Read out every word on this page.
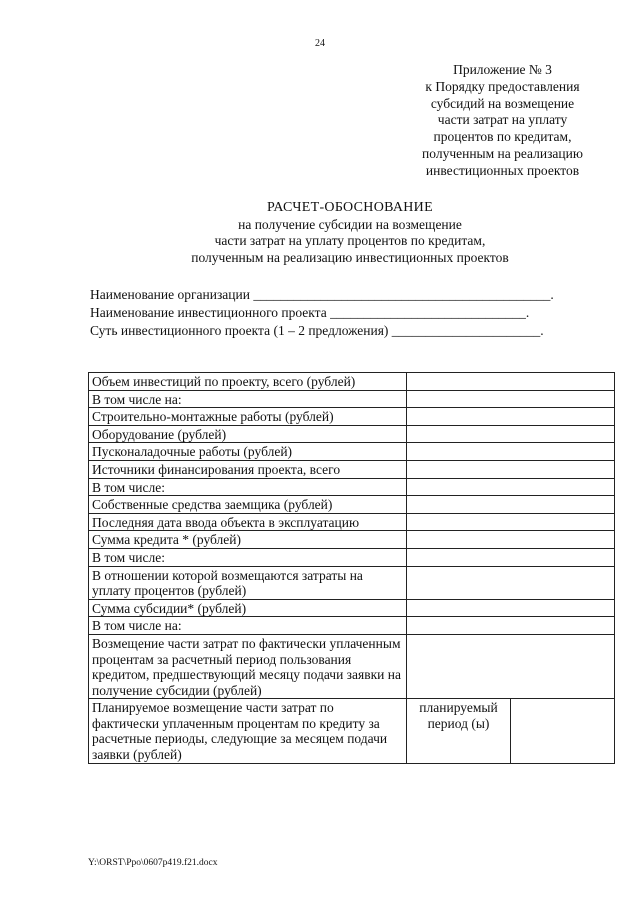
24
Приложение № 3
к Порядку предоставления
субсидий на возмещение
части затрат на уплату
процентов по кредитам,
полученным на реализацию
инвестиционных проектов
РАСЧЕТ-ОБОСНОВАНИЕ
на получение субсидии на возмещение
части затрат на уплату процентов по кредитам,
полученным на реализацию инвестиционных проектов
Наименование организации ____________________________________________.
Наименование инвестиционного проекта _____________________________.
Суть инвестиционного проекта (1 – 2 предложения) ______________________.
Объем инвестиций по проекту, всего (рублей)		
В том числе на:		
Строительно-монтажные работы (рублей)		
Оборудование (рублей)		
Пусконаладочные работы (рублей)		
Источники финансирования проекта, всего		
В том числе:		
Собственные средства заемщика (рублей)		
Последняя дата ввода объекта в эксплуатацию		
Сумма кредита * (рублей)		
В том числе:		
В отношении которой возмещаются затраты на уплату процентов (рублей)		
Сумма субсидии* (рублей)		
В том числе на:		
Возмещение части затрат по фактически уплаченным процентам за расчетный период пользования кредитом, предшествующий месяцу подачи заявки на получение субсидии (рублей)		
Планируемое возмещение части затрат по фактически уплаченным процентам по кредиту за расчетные периоды, следующие за месяцем подачи заявки (рублей)	планируемый период (ы)	
Y:\ORST\Ppo\0607p419.f21.docx
